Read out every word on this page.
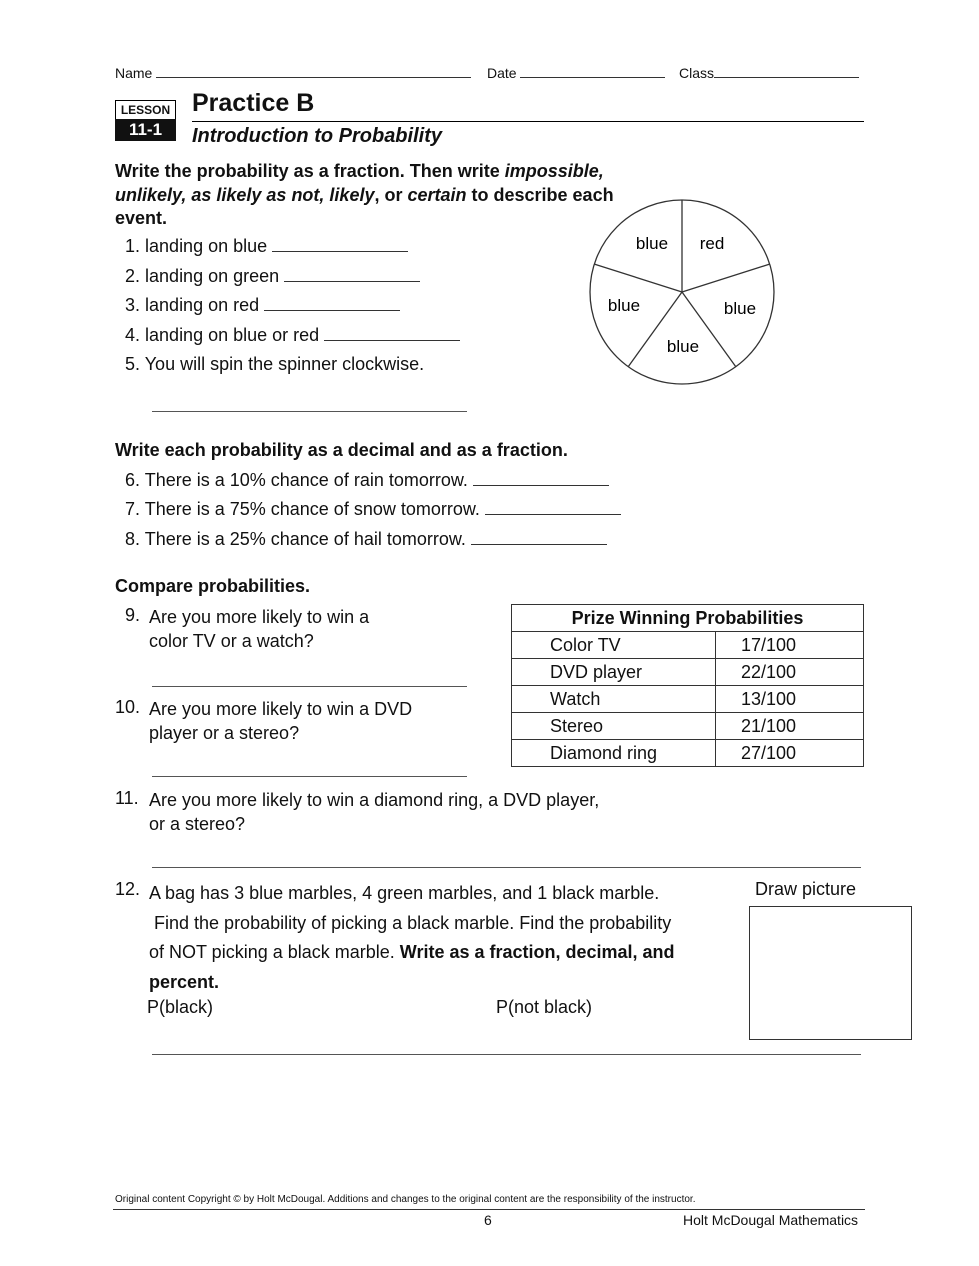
Name	Date	Class
LESSON
11-1
Practice B
Introduction to Probability
Write the probability as a fraction. Then write impossible,
unlikely, as likely as not, likely, or certain to describe each
event.
1. landing on blue
2. landing on green
3. landing on red
4. landing on blue or red
5. You will spin the spinner clockwise.
blue red
blue
blue
blue
Write each probability as a decimal and as a fraction.
6. There is a 10% chance of rain tomorrow.
7. There is a 75% chance of snow tomorrow.
8. There is a 25% chance of hail tomorrow.
Compare probabilities.
9. Are you more likely to win a
color TV or a watch?
10. Are you more likely to win a DVD
player or a stereo?
Prize Winning Probabilities	
Color TV	17/100
DVD player	22/100
Watch	13/100
Stereo	21/100
Diamond ring	27/100
11. Are you more likely to win a diamond ring, a DVD player,
or a stereo?
12. A bag has 3 blue marbles, 4 green marbles, and 1 black marble.
Find the probability of picking a black marble. Find the probability
of NOT picking a black marble. Write as a fraction, decimal, and
percent.
P(black)	P(not black)
Draw picture
Original content Copyright © by Holt McDougal. Additions and changes to the original content are the responsibility of the instructor.
6	Holt McDougal Mathematics
